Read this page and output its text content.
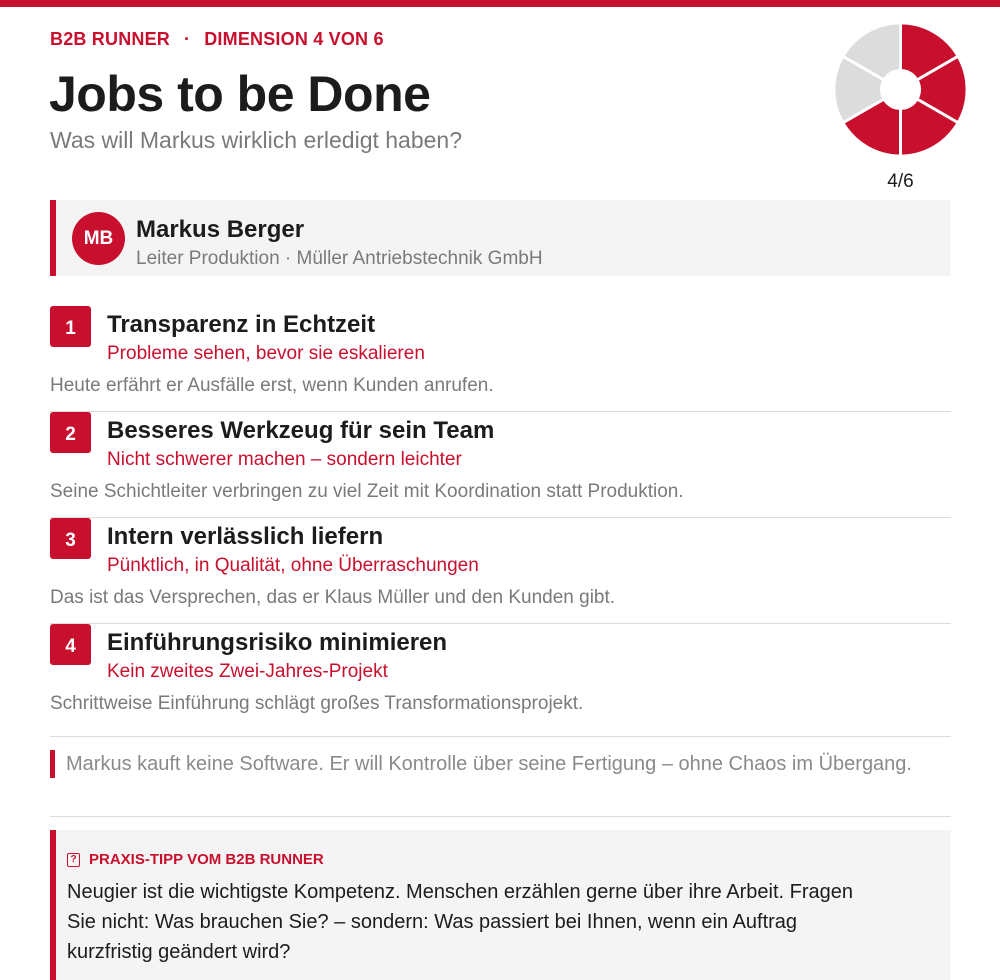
B2B RUNNER · DIMENSION 4 VON 6
Jobs to be Done
Was will Markus wirklich erledigt haben?
4/6
MB Markus Berger
Leiter Produktion · Müller Antriebstechnik GmbH
1	Transparenz in Echtzeit
Probleme sehen, bevor sie eskalieren
Heute erfährt er Ausfälle erst, wenn Kunden anrufen.
2	Besseres Werkzeug für sein Team
Nicht schwerer machen – sondern leichter
Seine Schichtleiter verbringen zu viel Zeit mit Koordination statt Produktion.
3	Intern verlässlich liefern
Pünktlich, in Qualität, ohne Überraschungen
Das ist das Versprechen, das er Klaus Müller und den Kunden gibt.
4	Einführungsrisiko minimieren
Kein zweites Zwei-Jahres-Projekt
Schrittweise Einführung schlägt großes Transformationsprojekt.
Markus kauft keine Software. Er will Kontrolle über seine Fertigung – ohne Chaos im Übergang.
? PRAXIS-TIPP VOM B2B RUNNER
Neugier ist die wichtigste Kompetenz. Menschen erzählen gerne über ihre Arbeit. Fragen Sie nicht: Was brauchen Sie? – sondern: Was passiert bei Ihnen, wenn ein Auftrag kurzfristig geändert wird?
